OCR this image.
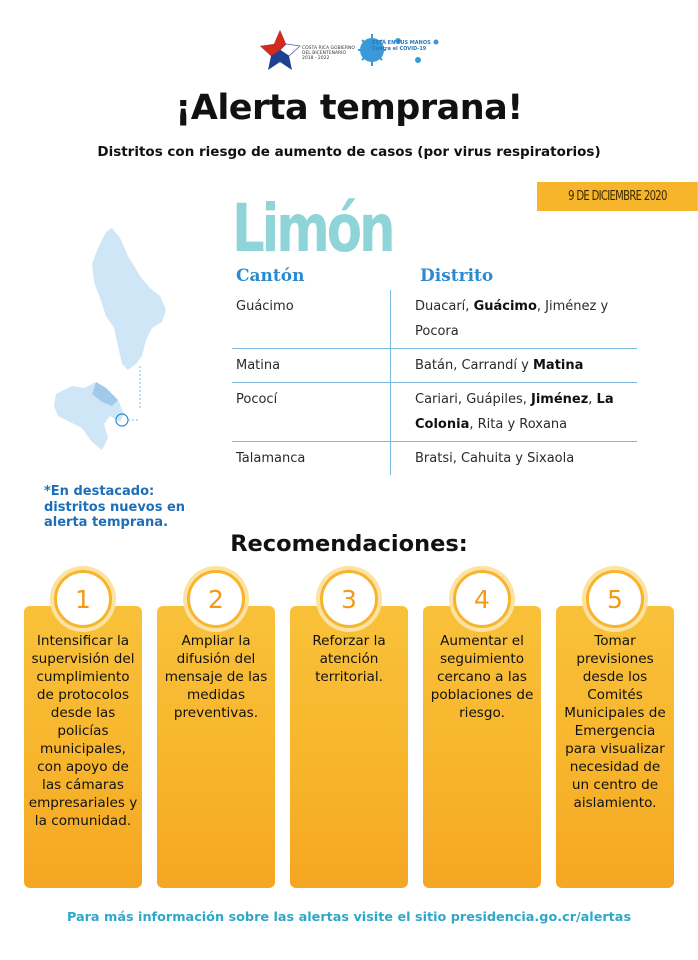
COSTA RICA GOBIERNO DEL BICENTENARIO 2018 - 2022
ESTÁ EN TUS MANOS
Contra el COVID-19
¡Alerta temprana!
Distritos con riesgo de aumento de casos (por virus respiratorios)
9 DE DICIEMBRE 2020
Limón
Cantón	Distrito
Guácimo	Duacarí, Guácimo, Jiménez y Pocora
Matina	Batán, Carrandí y Matina
Pococí	Cariari, Guápiles, Jiménez, La Colonia, Rita y Roxana
Talamanca	Bratsi, Cahuita y Sixaola
*En destacado: distritos nuevos en alerta temprana.
Recomendaciones:
Intensificar la supervisión del cumplimiento de protocolos desde las policías municipales, con apoyo de las cámaras empresariales y la comunidad.
1
Ampliar la difusión del mensaje de las medidas preventivas.
2
Reforzar la atención territorial.
3
Aumentar el seguimiento cercano a las poblaciones de riesgo.
4
Tomar previsiones desde los Comités Municipales de Emergencia para visualizar necesidad de un centro de aislamiento.
5
Para más información sobre las alertas visite el sitio presidencia.go.cr/alertas
